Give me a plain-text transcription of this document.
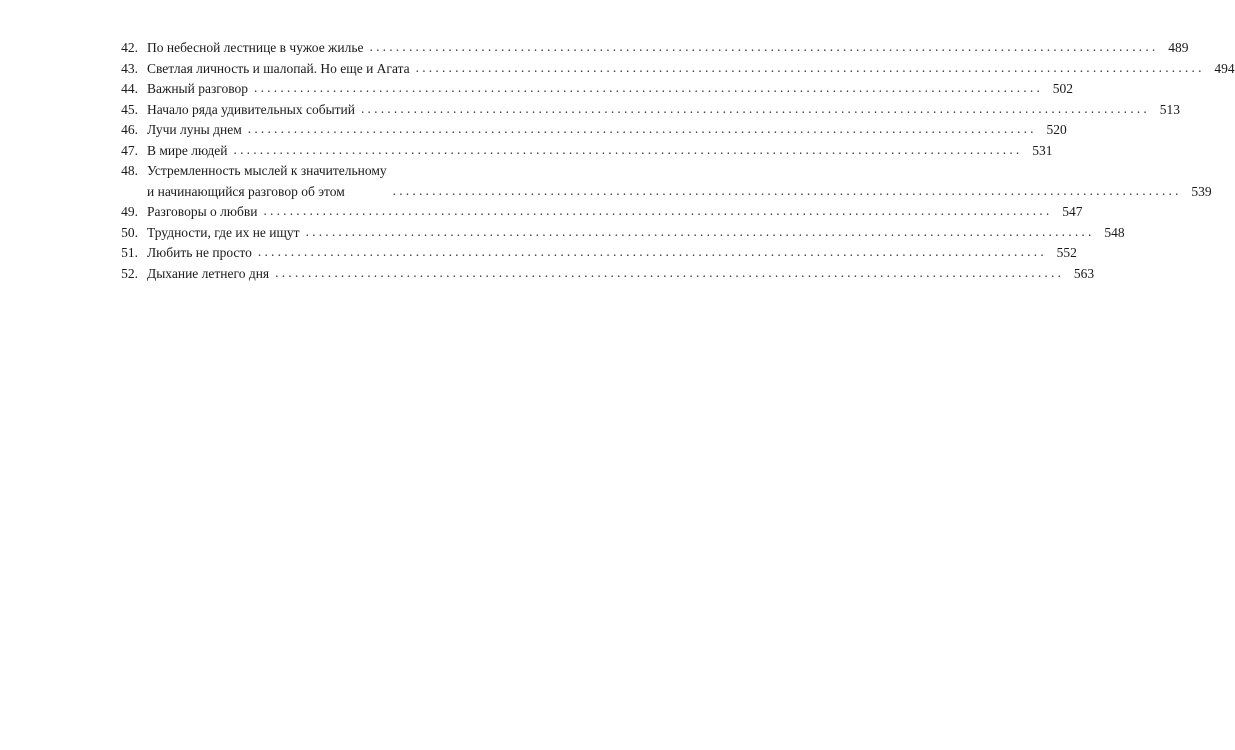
42. По небесной лестнице в чужое жилье ........................................................................................................................ 489
43. Светлая личность и шалопай. Но еще и Агата ........................................................................................................................ 494
44. Важный разговор ........................................................................................................................ 502
45. Начало ряда удивительных событий ........................................................................................................................ 513
46. Лучи луны днем ........................................................................................................................ 520
47. В мире людей ........................................................................................................................ 531
48. Устремленность мыслей к значительному
и начинающийся разговор об этом	........................................................................................................................ 539
49. Разговоры о любви ........................................................................................................................ 547
50. Трудности, где их не ищут ........................................................................................................................ 548
51. Любить не просто ........................................................................................................................ 552
52. Дыхание летнего дня ........................................................................................................................ 563
